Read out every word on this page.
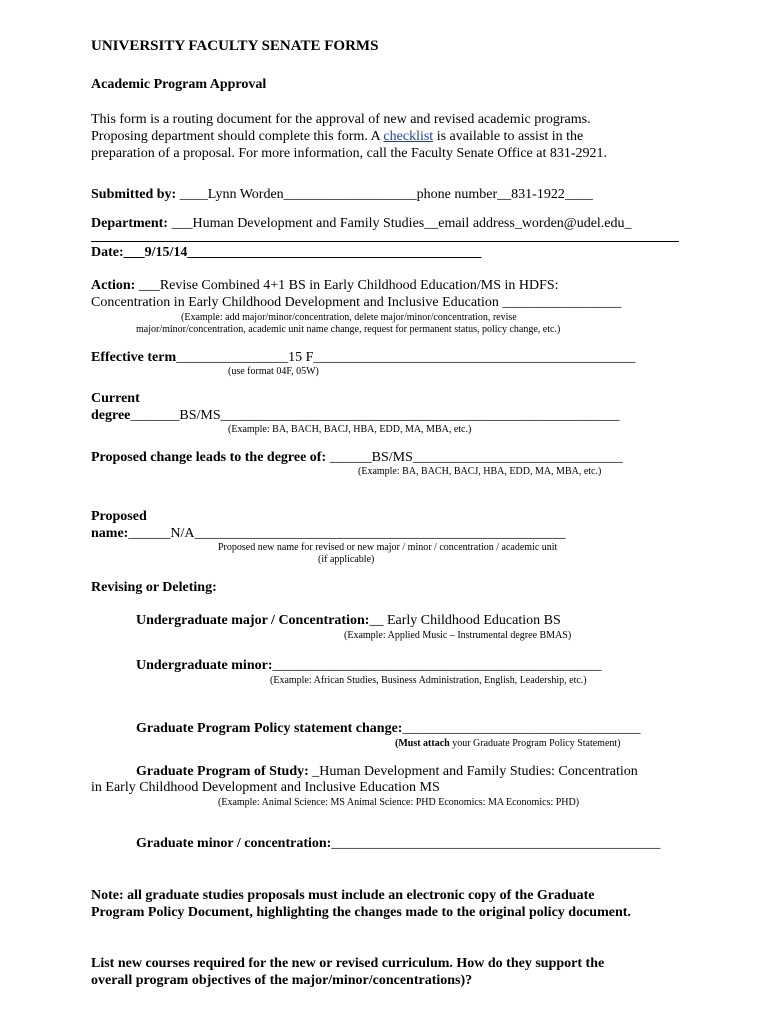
UNIVERSITY FACULTY SENATE FORMS
Academic Program Approval

This form is a routing document for the approval of new and revised academic programs.
Proposing department should complete this form. A checklist is available to assist in the
preparation of a proposal. For more information, call the Faculty Senate Office at 831-2921.

Submitted by: ____Lynn Worden___________________phone number__831-1922____
Department: ___Human Development and Family Studies__email address_worden@udel.edu_
Date:___9/15/14__________________________________________
Action: ___Revise Combined 4+1 BS in Early Childhood Education/MS in HDFS:
Concentration in Early Childhood Development and Inclusive Education _________________
(Example: add major/minor/concentration, delete major/minor/concentration, revise
major/minor/concentration, academic unit name change, request for permanent status, policy change, etc.)
Effective term________________15 F______________________________________________
(use format 04F, 05W)
Current
degree_______BS/MS_________________________________________________________
(Example: BA, BACH, BACJ, HBA, EDD, MA, MBA, etc.)
Proposed change leads to the degree of: ______BS/MS______________________________
(Example: BA, BACH, BACJ, HBA, EDD, MA, MBA, etc.)
Proposed
name:______N/A_____________________________________________________
Proposed new name for revised or new major / minor / concentration / academic unit
(if applicable)
Revising or Deleting:
Undergraduate major / Concentration:__ Early Childhood Education BS
(Example: Applied Music – Instrumental degree BMAS)
Undergraduate minor:_______________________________________________
(Example: African Studies, Business Administration, English, Leadership, etc.)
Graduate Program Policy statement change:__________________________________
(Must attach your Graduate Program Policy Statement)
Graduate Program of Study: _Human Development and Family Studies: Concentration
in Early Childhood Development and Inclusive Education MS
(Example: Animal Science: MS Animal Science: PHD Economics: MA Economics: PHD)
Graduate minor / concentration:_______________________________________________

Note: all graduate studies proposals must include an electronic copy of the Graduate
Program Policy Document, highlighting the changes made to the original policy document.

List new courses required for the new or revised curriculum. How do they support the
overall program objectives of the major/minor/concentrations)?
